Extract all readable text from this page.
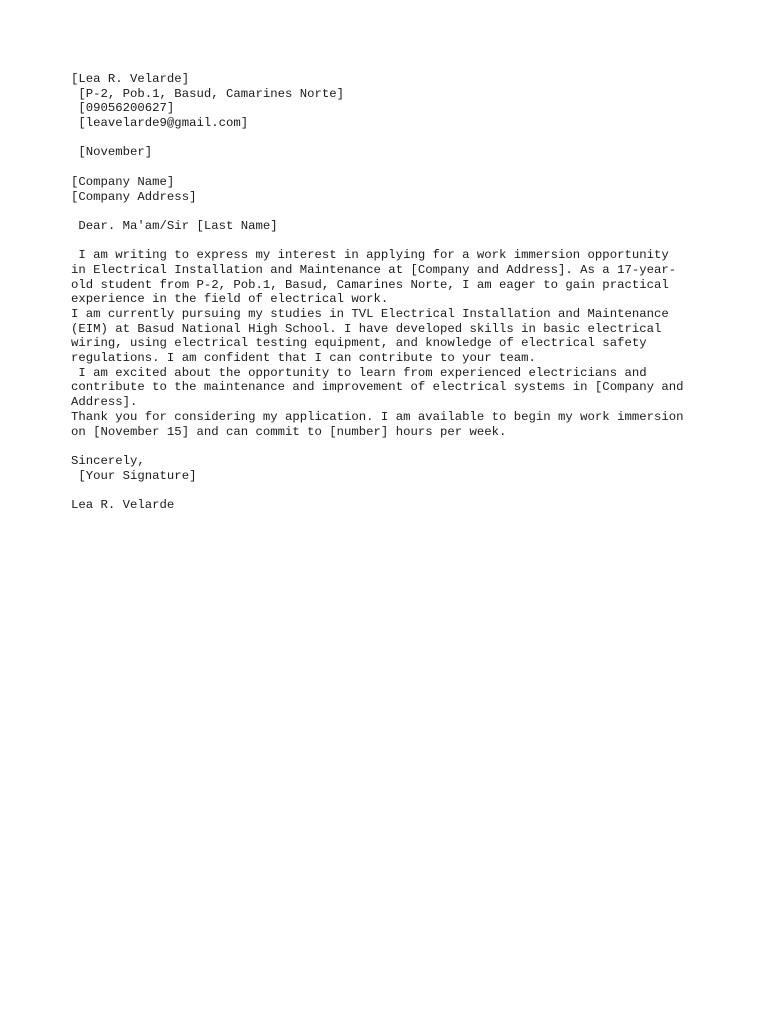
[Lea R. Velarde]
[P-2, Pob.1, Basud, Camarines Norte]
[09056200627]
[leavelarde9@gmail.com]
[November]
[Company Name]
[Company Address]
Dear. Ma'am/Sir [Last Name]
I am writing to express my interest in applying for a work immersion opportunity
in Electrical Installation and Maintenance at [Company and Address]. As a 17-year-
old student from P-2, Pob.1, Basud, Camarines Norte, I am eager to gain practical
experience in the field of electrical work.
I am currently pursuing my studies in TVL Electrical Installation and Maintenance
(EIM) at Basud National High School. I have developed skills in basic electrical
wiring, using electrical testing equipment, and knowledge of electrical safety
regulations. I am confident that I can contribute to your team.
I am excited about the opportunity to learn from experienced electricians and
contribute to the maintenance and improvement of electrical systems in [Company and
Address].
Thank you for considering my application. I am available to begin my work immersion
on [November 15] and can commit to [number] hours per week.
Sincerely,
[Your Signature]
Lea R. Velarde
